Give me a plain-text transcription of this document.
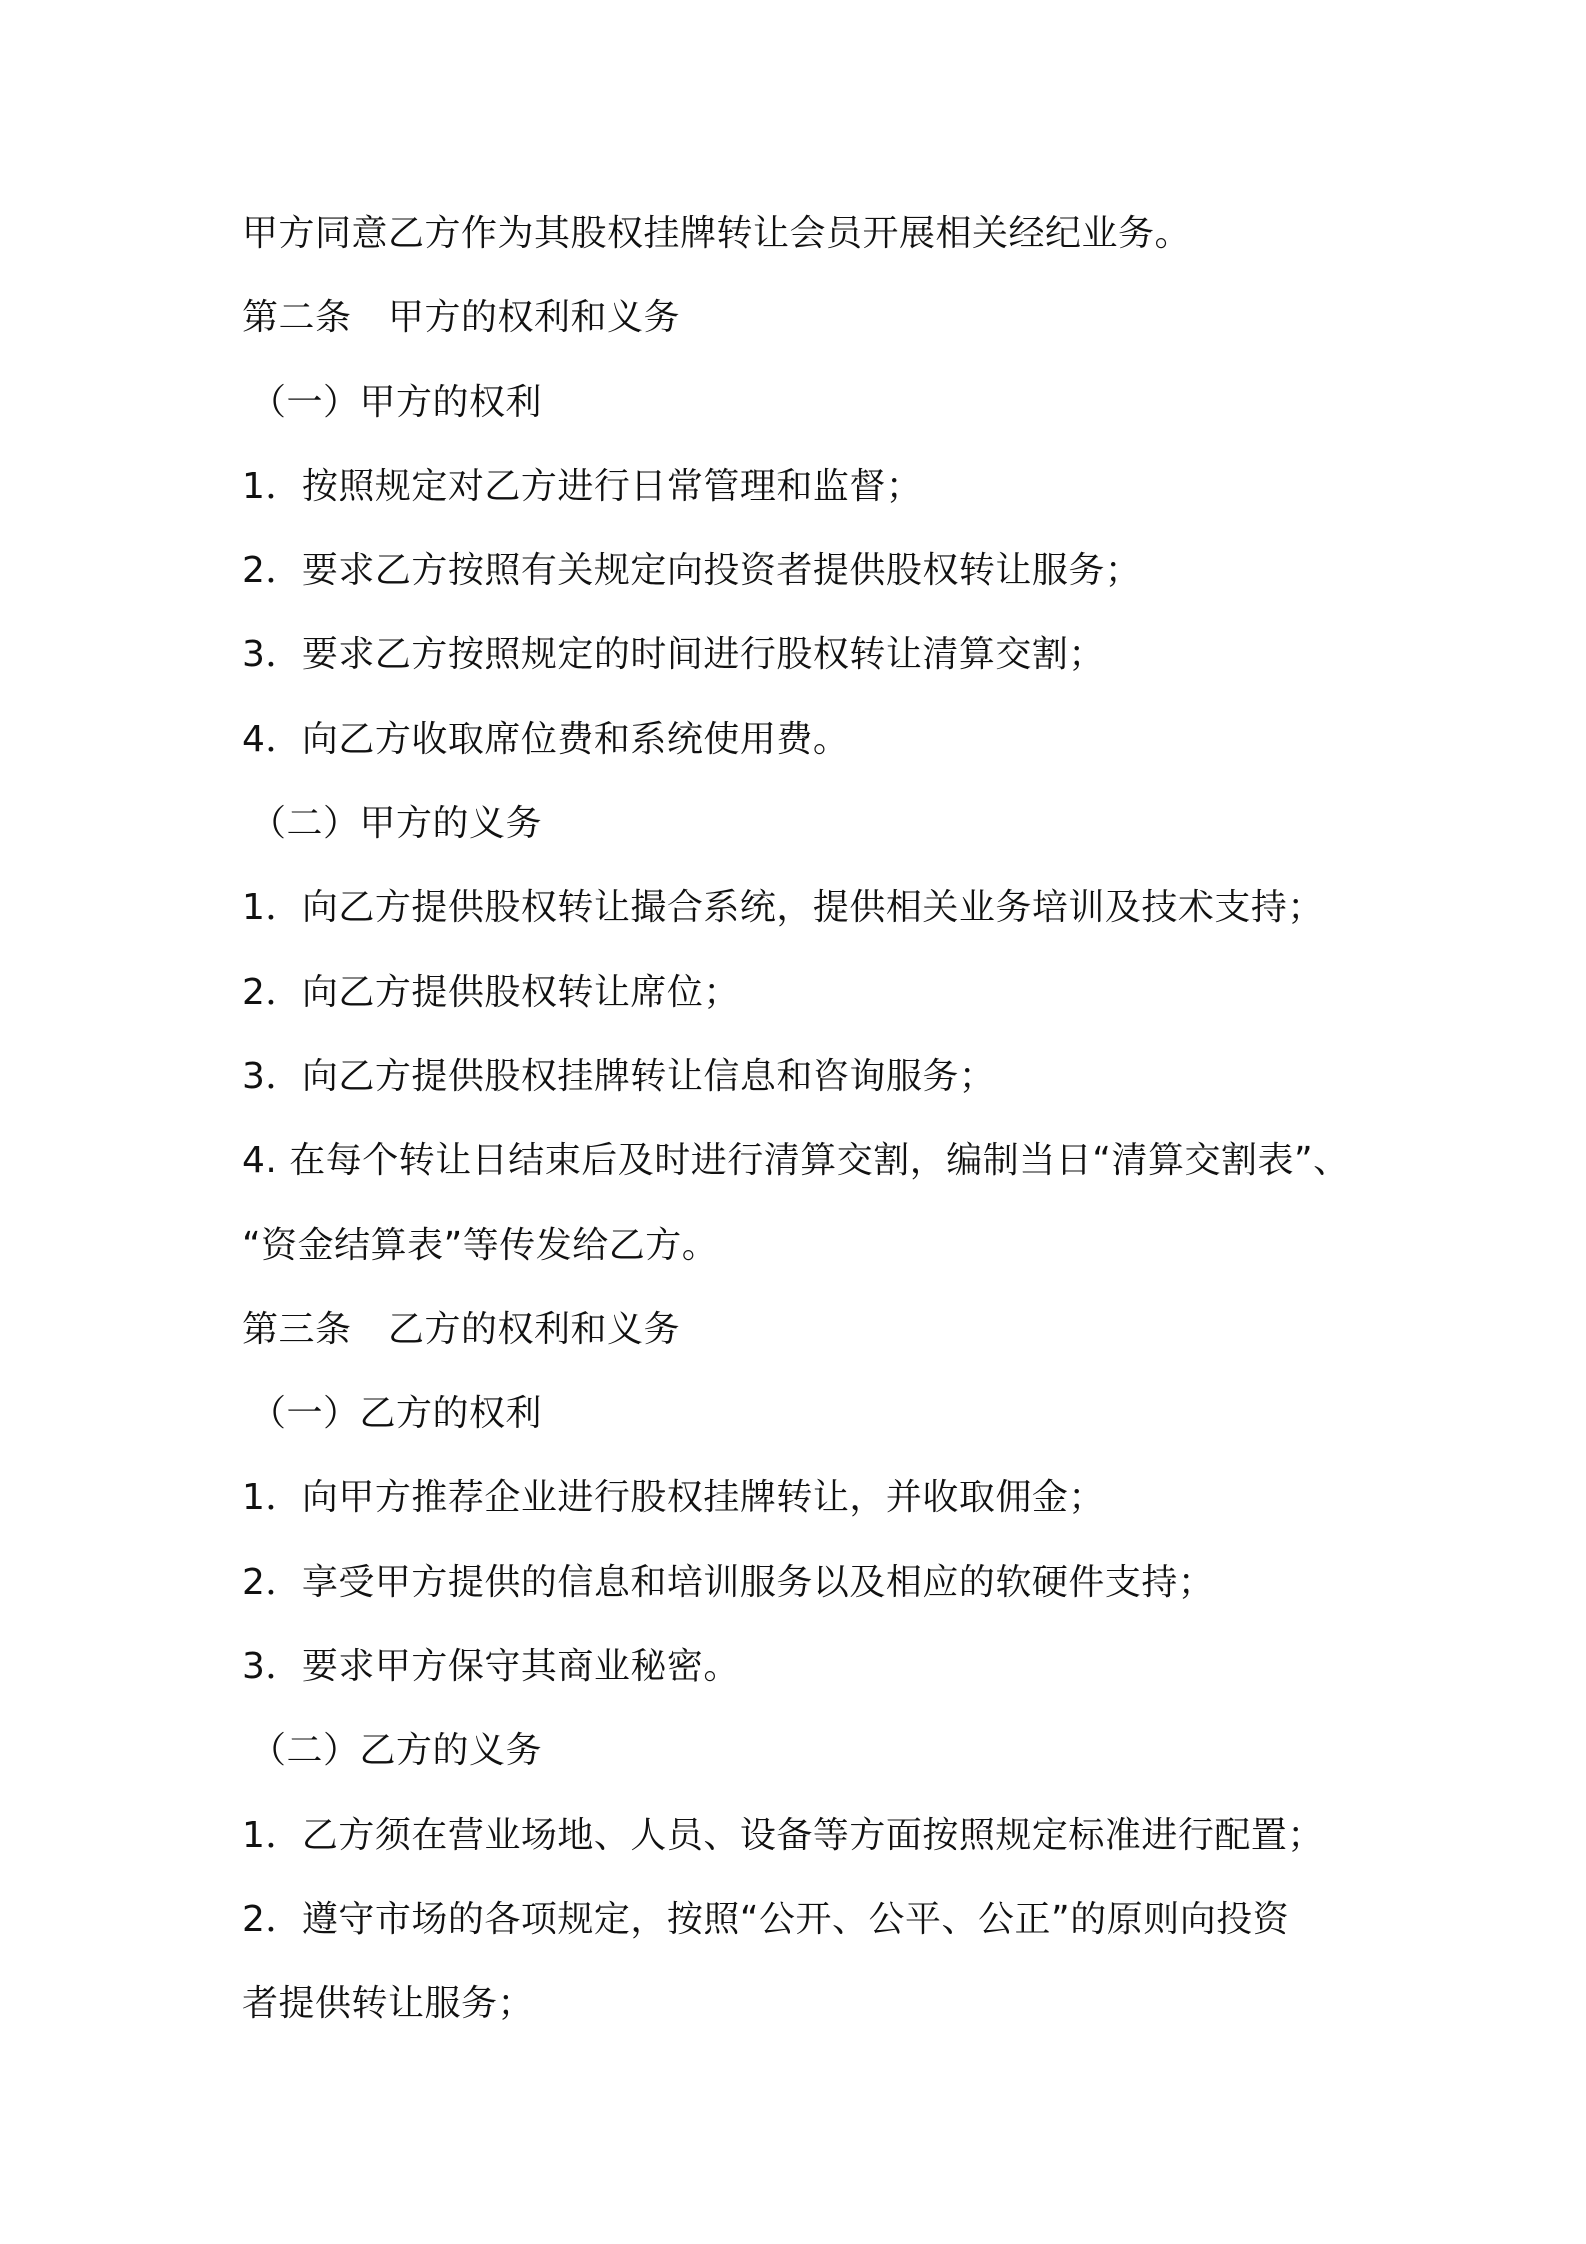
甲方同意乙方作为其股权挂牌转让会员开展相关经纪业务。
第二条　甲方的权利和义务
（一）甲方的权利
1．按照规定对乙方进行日常管理和监督；
2．要求乙方按照有关规定向投资者提供股权转让服务；
3．要求乙方按照规定的时间进行股权转让清算交割；
4．向乙方收取席位费和系统使用费。
（二）甲方的义务
1．向乙方提供股权转让撮合系统，提供相关业务培训及技术支持；
2．向乙方提供股权转让席位；
3．向乙方提供股权挂牌转让信息和咨询服务；
4. 在每个转让日结束后及时进行清算交割，编制当日“清算交割表”、
“资金结算表”等传发给乙方。
第三条　乙方的权利和义务
（一）乙方的权利
1．向甲方推荐企业进行股权挂牌转让，并收取佣金；
2．享受甲方提供的信息和培训服务以及相应的软硬件支持；
3．要求甲方保守其商业秘密。
（二）乙方的义务
1．乙方须在营业场地、人员、设备等方面按照规定标准进行配置；
2．遵守市场的各项规定，按照“公开、公平、公正”的原则向投资
者提供转让服务；
